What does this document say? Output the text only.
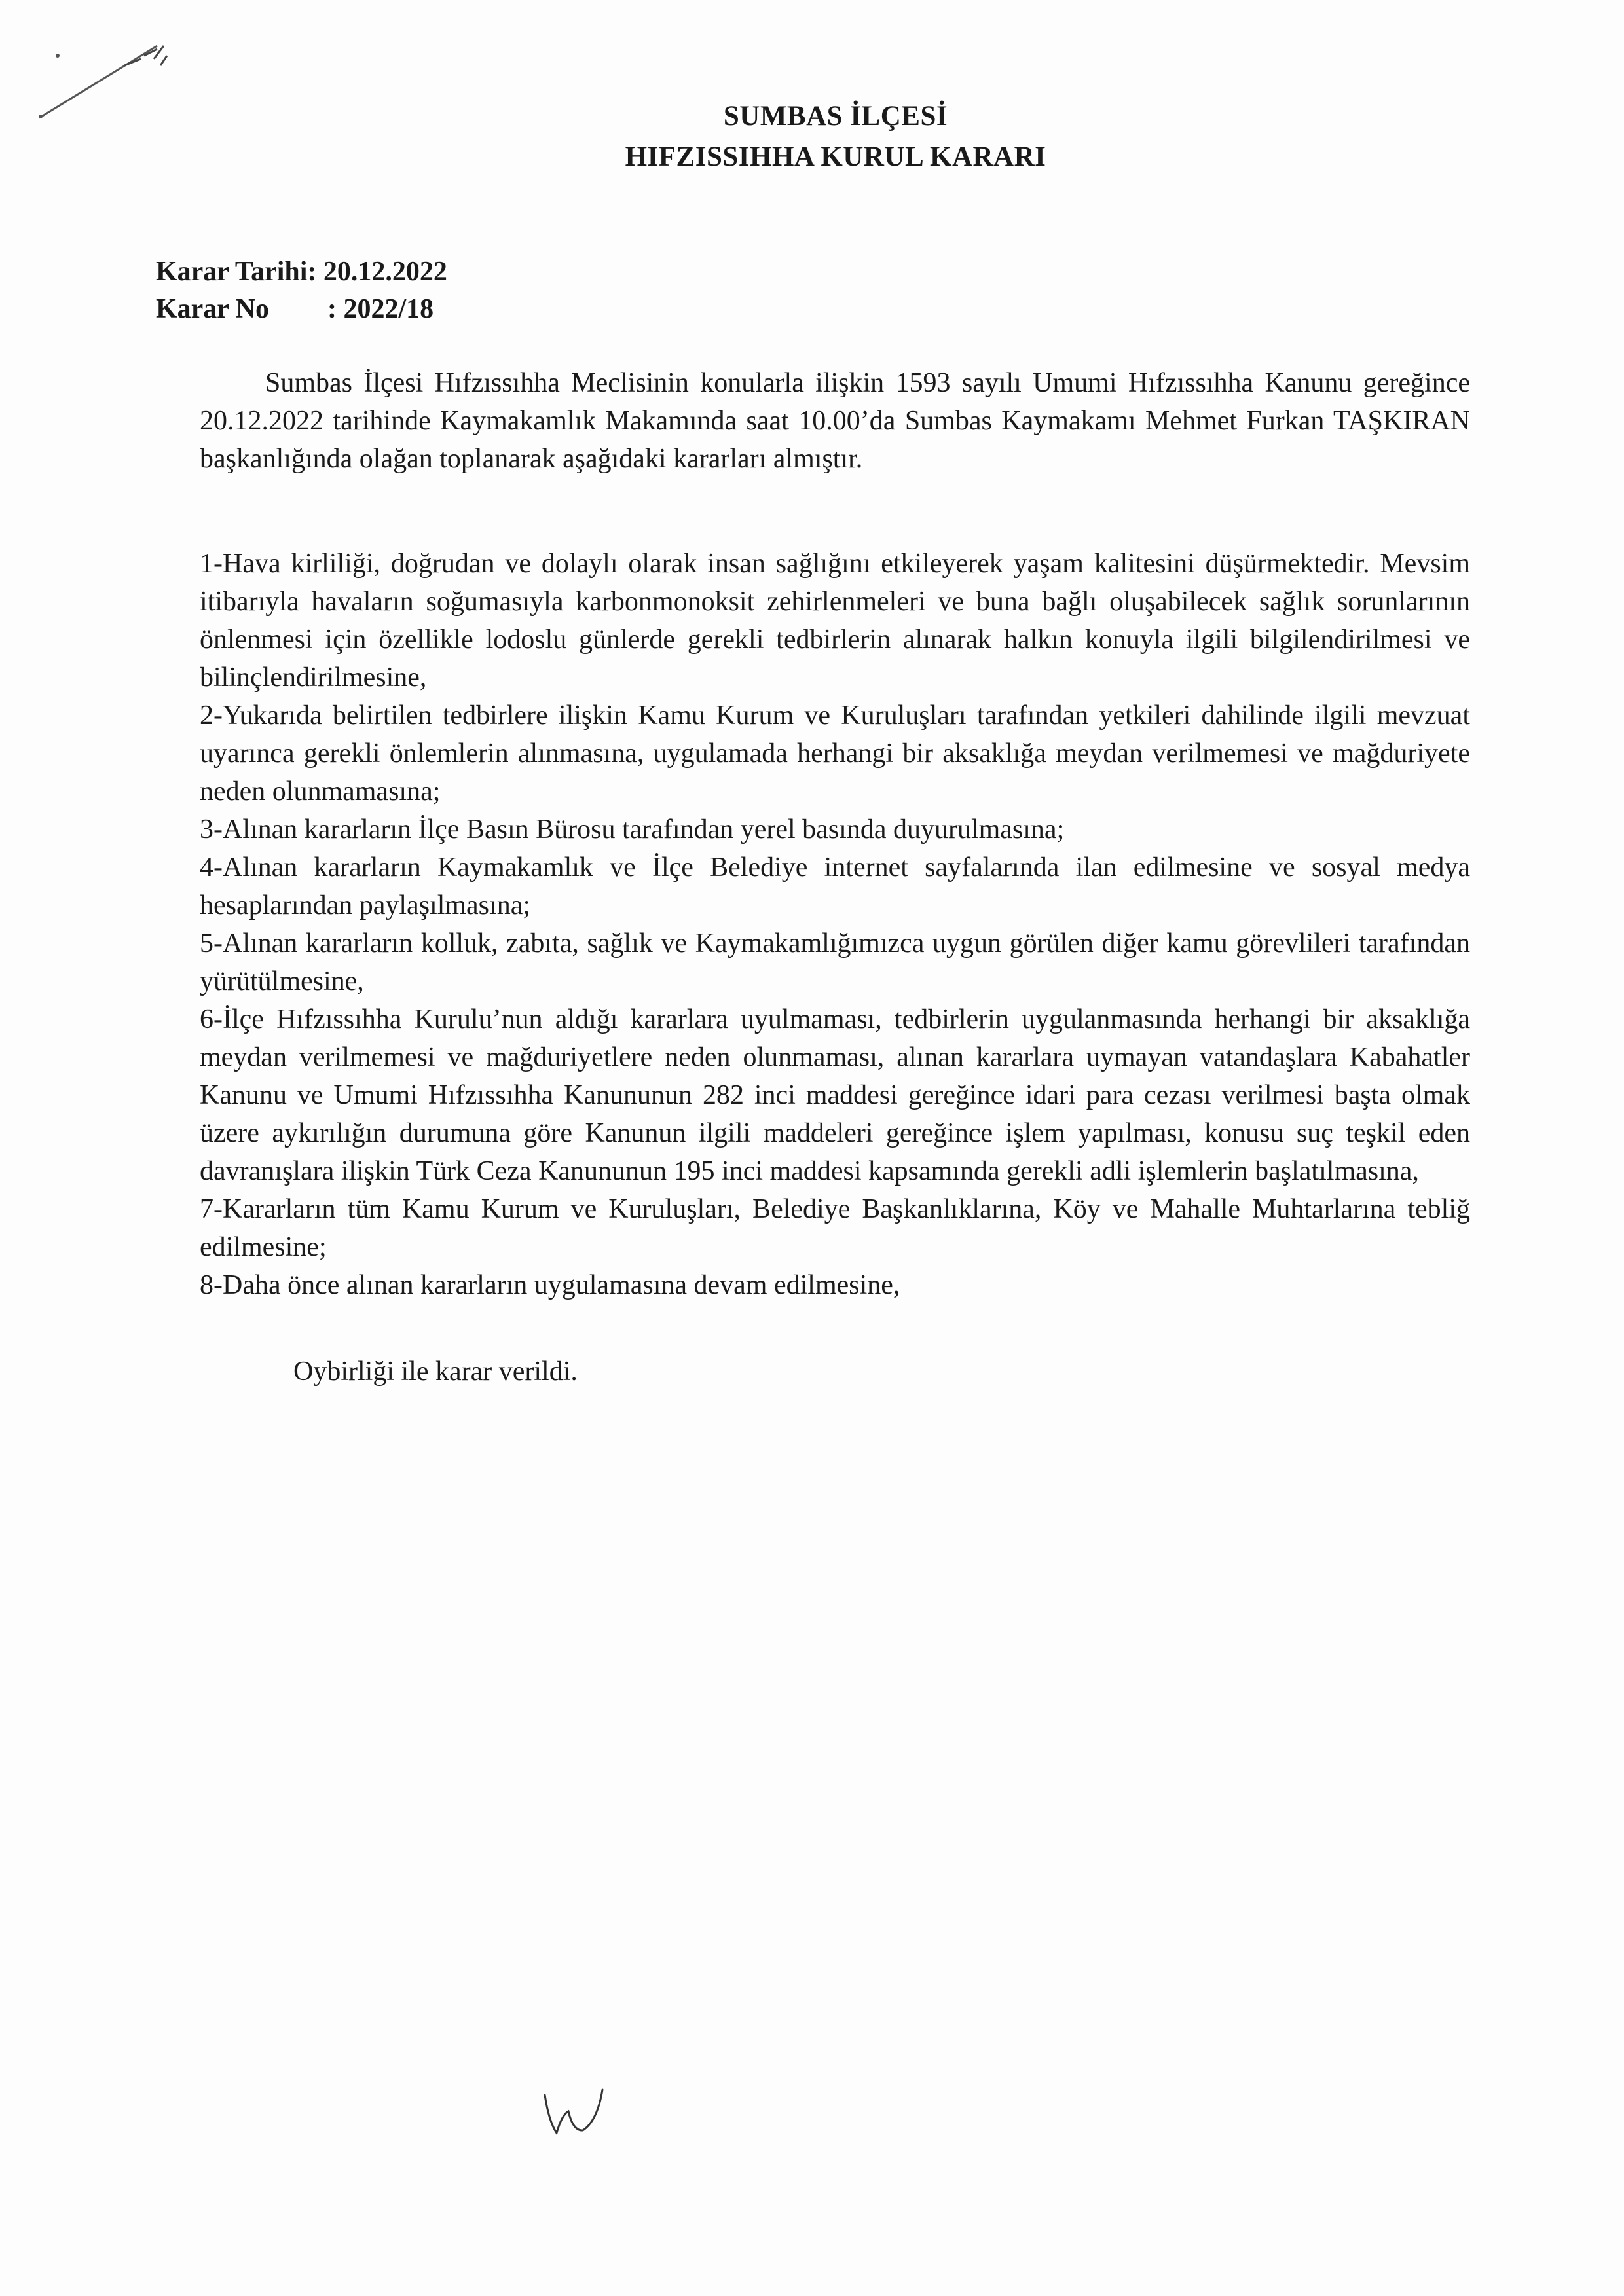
SUMBAS İLÇESİ
HIFZISSIHHA KURUL KARARI
Karar Tarihi: 20.12.2022
Karar No : 2022/18
Sumbas İlçesi Hıfzıssıhha Meclisinin konularla ilişkin 1593 sayılı Umumi Hıfzıssıhha Kanunu gereğince 20.12.2022 tarihinde Kaymakamlık Makamında saat 10.00’da Sumbas Kaymakamı Mehmet Furkan TAŞKIRAN başkanlığında olağan toplanarak aşağıdaki kararları almıştır.

1-Hava kirliliği, doğrudan ve dolaylı olarak insan sağlığını etkileyerek yaşam kalitesini düşürmektedir. Mevsim itibarıyla havaların soğumasıyla karbonmonoksit zehirlenmeleri ve buna bağlı oluşabilecek sağlık sorunlarının önlenmesi için özellikle lodoslu günlerde gerekli tedbirlerin alınarak halkın konuyla ilgili bilgilendirilmesi ve bilinçlendirilmesine,

2-Yukarıda belirtilen tedbirlere ilişkin Kamu Kurum ve Kuruluşları tarafından yetkileri dahilinde ilgili mevzuat uyarınca gerekli önlemlerin alınmasına, uygulamada herhangi bir aksaklığa meydan verilmemesi ve mağduriyete neden olunmamasına;

3-Alınan kararların İlçe Basın Bürosu tarafından yerel basında duyurulmasına;

4-Alınan kararların Kaymakamlık ve İlçe Belediye internet sayfalarında ilan edilmesine ve sosyal medya hesaplarından paylaşılmasına;

5-Alınan kararların kolluk, zabıta, sağlık ve Kaymakamlığımızca uygun görülen diğer kamu görevlileri tarafından yürütülmesine,

6-İlçe Hıfzıssıhha Kurulu’nun aldığı kararlara uyulmaması, tedbirlerin uygulanmasında herhangi bir aksaklığa meydan verilmemesi ve mağduriyetlere neden olunmaması, alınan kararlara uymayan vatandaşlara Kabahatler Kanunu ve Umumi Hıfzıssıhha Kanununun 282 inci maddesi gereğince idari para cezası verilmesi başta olmak üzere aykırılığın durumuna göre Kanunun ilgili maddeleri gereğince işlem yapılması, konusu suç teşkil eden davranışlara ilişkin Türk Ceza Kanununun 195 inci maddesi kapsamında gerekli adli işlemlerin başlatılmasına,

7-Kararların tüm Kamu Kurum ve Kuruluşları, Belediye Başkanlıklarına, Köy ve Mahalle Muhtarlarına tebliğ edilmesine;

8-Daha önce alınan kararların uygulamasına devam edilmesine,

Oybirliği ile karar verildi.
